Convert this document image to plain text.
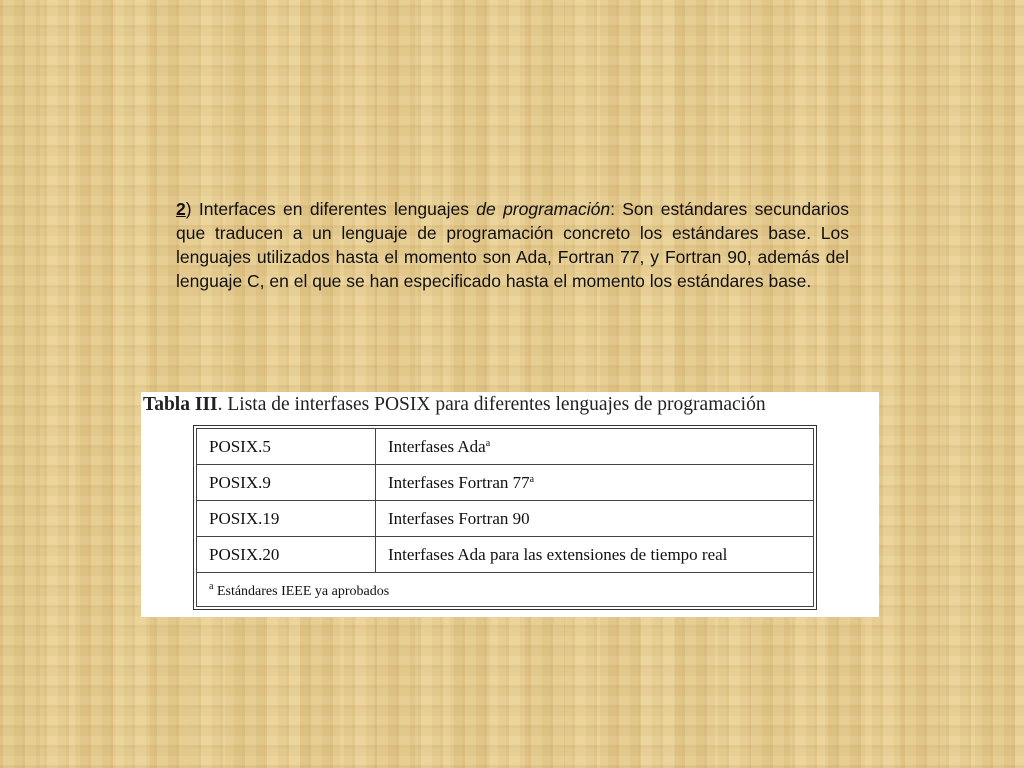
2) Interfaces en diferentes lenguajes de programación: Son estándares secundarios que traducen a un lenguaje de programación concreto los estándares base. Los lenguajes utilizados hasta el momento son Ada, Fortran 77, y Fortran 90, además del lenguaje C, en el que se han especificado hasta el momento los estándares base.
Tabla III. Lista de interfases POSIX para diferentes lenguajes de programación
POSIX.5	Interfases Ada$^a$
POSIX.9	Interfases Fortran 77$^a$
POSIX.19	Interfases Fortran 90
POSIX.20	Interfases Ada para las extensiones de tiempo real
$^a$ Estándares IEEE ya aprobados	
